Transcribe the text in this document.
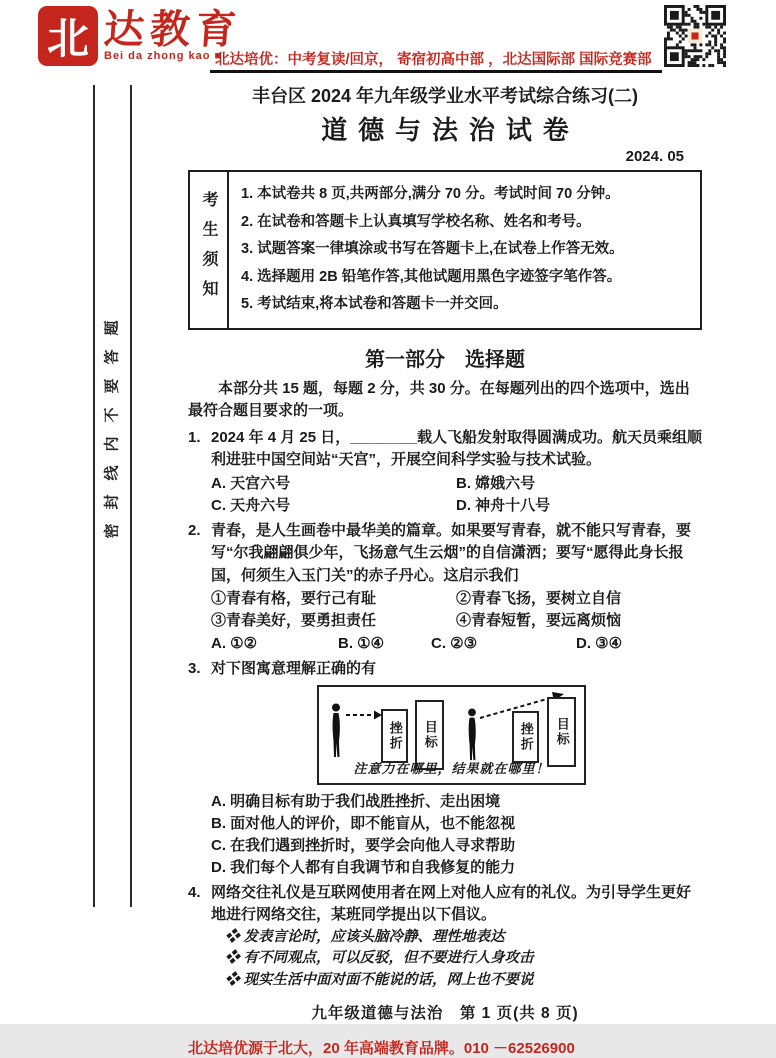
北 达教育
Bei da zhong kao ■
北达培优：中考复读/回京， 寄宿初高中部 ，北达国际部 国际竞赛部
密封线内不要答题
丰台区 2024 年九年级学业水平考试综合练习(二)
道德与法治试卷
2024. 05
考生须知	1. 本试卷共 8 页,共两部分,满分 70 分。考试时间 70 分钟。
2. 在试卷和答题卡上认真填写学校名称、姓名和考号。
3. 试题答案一律填涂或书写在答题卡上,在试卷上作答无效。
4. 选择题用 2B 铅笔作答,其他试题用黑色字迹签字笔作答。
5. 考试结束,将本试卷和答题卡一并交回。
第一部分　选择题

本部分共 15 题，每题 2 分，共 30 分。在每题列出的四个选项中，选出最符合题目要求的一项。

1. 2024 年 4 月 25 日，________载人飞船发射取得圆满成功。航天员乘组顺利进驻中国空间站“天宫”，开展空间科学实验与技术试验。
A. 天宫六号	B. 嫦娥六号
C. 天舟六号	D. 神舟十八号
2. 青春，是人生画卷中最华美的篇章。如果要写青春，就不能只写青春，要写“尔我翩翩俱少年，飞扬意气生云烟”的自信潇洒；要写“愿得此身长报国，何须生入玉门关”的赤子丹心。这启示我们
①青春有格，要行己有耻	②青春飞扬，要树立自信
③青春美好，要勇担责任	④青春短暂，要远离烦恼
A. ①②	B. ①④	C. ②③	D. ③④
3. 对下图寓意理解正确的有
挫折	目标	挫折	目标
注意力在哪里，结果就在哪里！
A. 明确目标有助于我们战胜挫折、走出困境
B. 面对他人的评价，即不能盲从，也不能忽视
C. 在我们遇到挫折时，要学会向他人寻求帮助
D. 我们每个人都有自我调节和自我修复的能力
4. 网络交往礼仪是互联网使用者在网上对他人应有的礼仪。为引导学生更好地进行网络交往，某班同学提出以下倡议。
❖ 发表言论时，应该头脑冷静、理性地表达
❖ 有不同观点，可以反驳，但不要进行人身攻击
❖ 现实生活中面对面不能说的话，网上也不要说
九年级道德与法治　第 1 页(共 8 页)
北达培优源于北大，20 年高端教育品牌。010 －62526900
